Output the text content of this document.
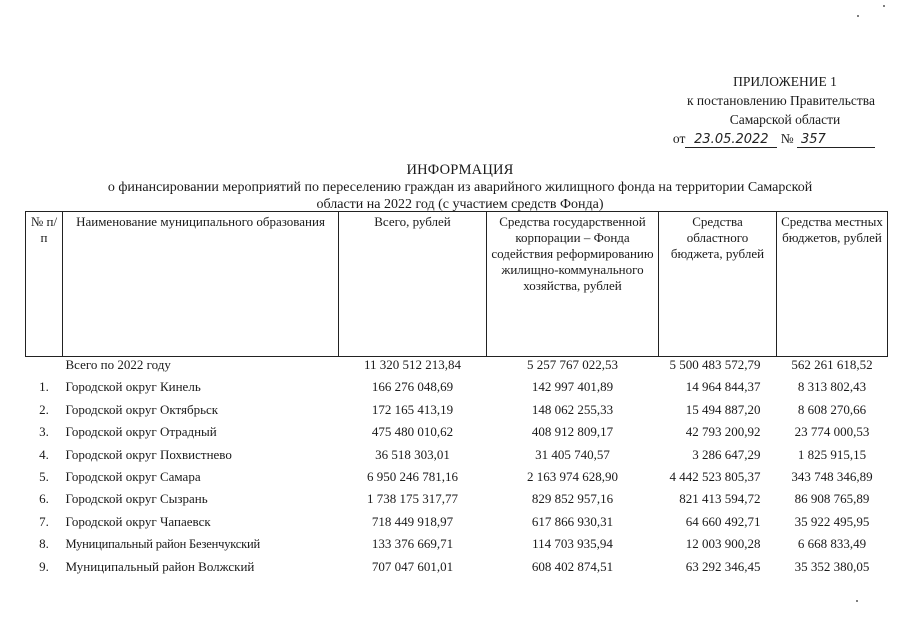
ПРИЛОЖЕНИЕ 1
к постановлению Правительства
Самарской области
от 23.05.2022 № 357
ИНФОРМАЦИЯ
о финансировании мероприятий по переселению граждан из аварийного жилищного фонда на территории Самарской
области на 2022 год (с участием средств Фонда)
№ п/п	Наименование муниципального образования	Всего, рублей	Средства государственной корпорации – Фонда содействия реформированию жилищно-коммунального хозяйства, рублей	Средства областного бюджета, рублей	Средства местных бюджетов, рублей
	Всего по 2022 году	11 320 512 213,84	5 257 767 022,53	5 500 483 572,79	562 261 618,52
1.	Городской округ Кинель	166 276 048,69	142 997 401,89	14 964 844,37	8 313 802,43
2.	Городской округ Октябрьск	172 165 413,19	148 062 255,33	15 494 887,20	8 608 270,66
3.	Городской округ Отрадный	475 480 010,62	408 912 809,17	42 793 200,92	23 774 000,53
4.	Городской округ Похвистнево	36 518 303,01	31 405 740,57	3 286 647,29	1 825 915,15
5.	Городской округ Самара	6 950 246 781,16	2 163 974 628,90	4 442 523 805,37	343 748 346,89
6.	Городской округ Сызрань	1 738 175 317,77	829 852 957,16	821 413 594,72	86 908 765,89
7.	Городской округ Чапаевск	718 449 918,97	617 866 930,31	64 660 492,71	35 922 495,95
8.	Муниципальный район Безенчукский	133 376 669,71	114 703 935,94	12 003 900,28	6 668 833,49
9.	Муниципальный район Волжский	707 047 601,01	608 402 874,51	63 292 346,45	35 352 380,05
